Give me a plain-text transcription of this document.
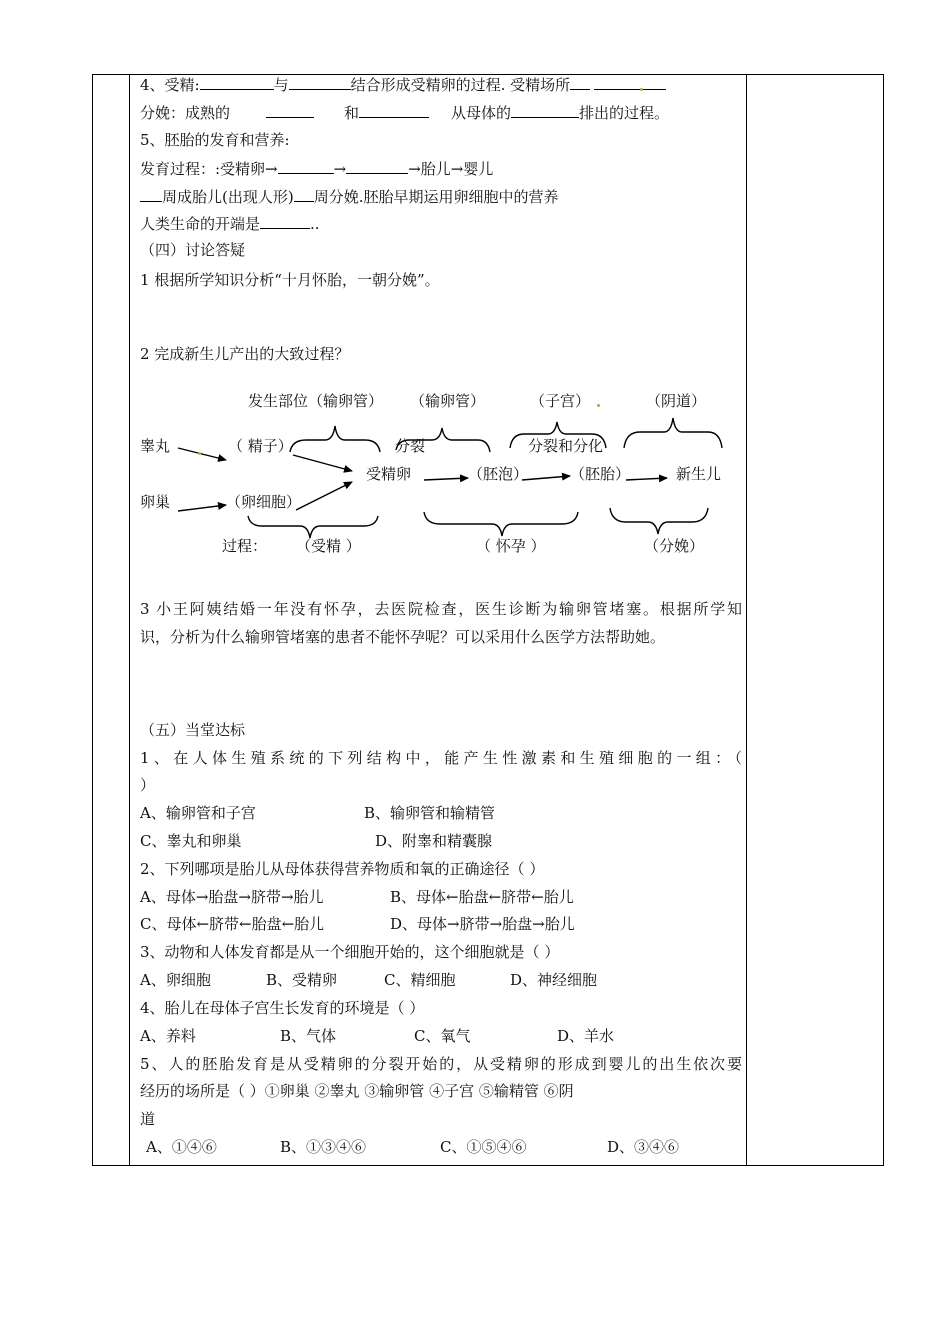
4、受精:	与	结合形成受精卵的过程. 受精场所
分娩：成熟的	和	从母体的	排出的过程。
5、胚胎的发育和营养:
发育过程：:受精卵→	→	→胎儿→婴儿
周成胎儿(出现人形) 周分娩.胚胎早期运用卵细胞中的营养
人类生命的开端是	..
（四）讨论答疑
1 根据所学知识分析“十月怀胎，一朝分娩”。
2 完成新生儿产出的大致过程？
发生部位（输卵管） （输卵管）	（子宫）	（阴道）
睾丸	（ 精子）	分裂	分裂和分化
受精卵	（胚泡）	（胚胎）	新生儿
卵巢	（卵细胞）
过程： （受精 ）	（ 怀孕 ）	（分娩）
3 小王阿姨结婚一年没有怀孕，去医院检查，医生诊断为输卵管堵塞。根据所学知
识，分析为什么输卵管堵塞的患者不能怀孕呢？可以采用什么医学方法帮助她。
（五）当堂达标
1、在人体生殖系统的下列结构中，能产生性激素和生殖细胞的一组：（
）
A、输卵管和子宫	B、输卵管和输精管
C、睾丸和卵巢	D、附睾和精囊腺
2、下列哪项是胎儿从母体获得营养物质和氧的正确途径（ ）
A、母体→胎盘→脐带→胎儿	B、母体←胎盘←脐带←胎儿
C、母体←脐带←胎盘←胎儿	D、母体→脐带→胎盘→胎儿
3、动物和人体发育都是从一个细胞开始的，这个细胞就是（ ）
A、卵细胞	B、受精卵	C、精细胞	D、神经细胞
4、胎儿在母体子宫生长发育的环境是（ ）
A、养料	B、气体	C、氧气	D、羊水
5、人的胚胎发育是从受精卵的分裂开始的，从受精卵的形成到婴儿的出生依次要
经历的场所是（ ）①卵巢 ②睾丸 ③输卵管 ④子宫 ⑤输精管 ⑥阴
道
A、①④⑥	B、①③④⑥	C、①⑤④⑥	D、③④⑥
